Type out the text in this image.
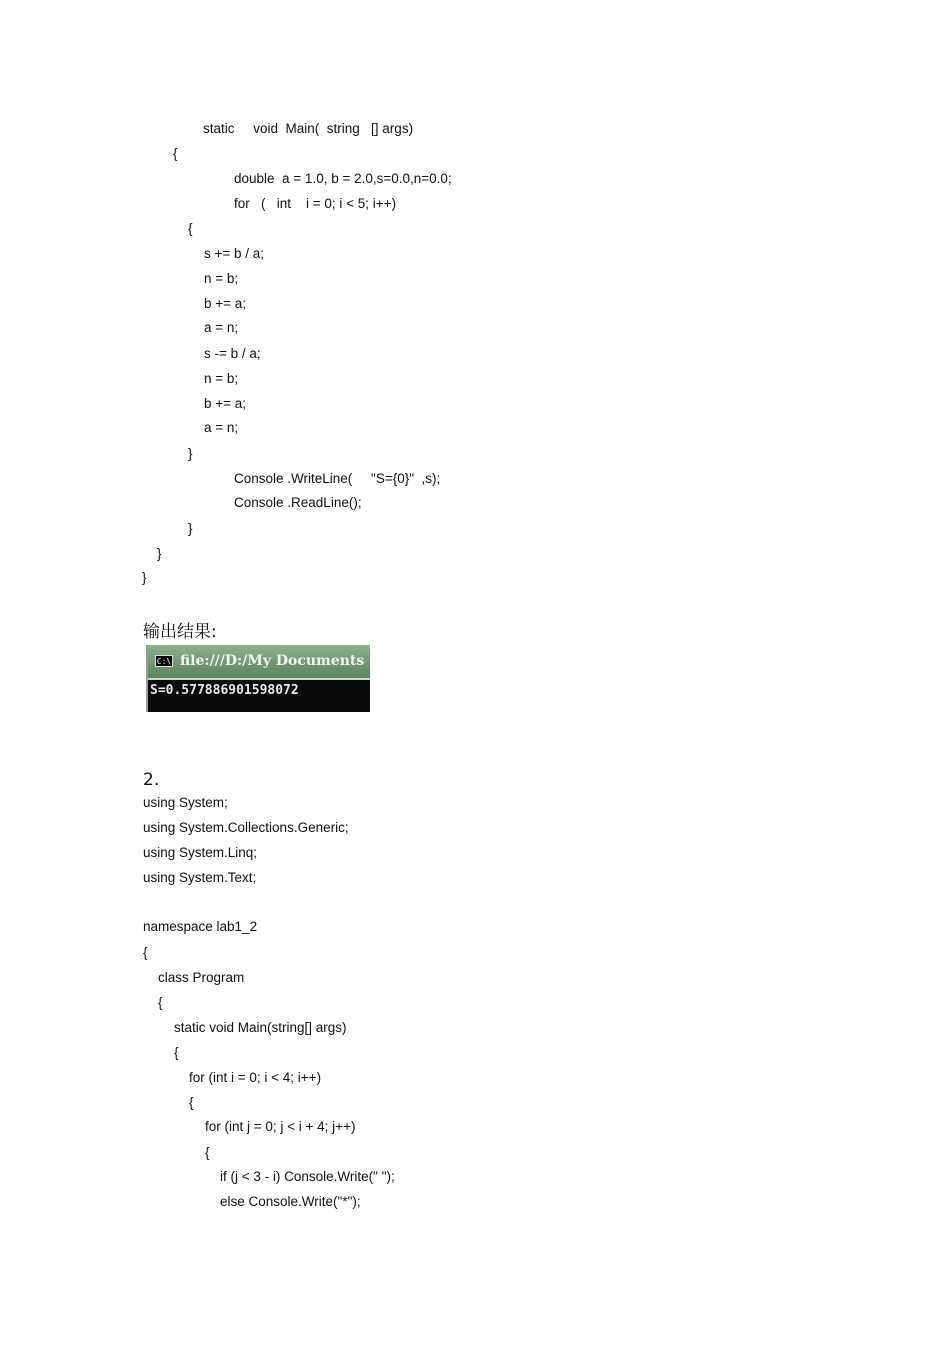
static     void  Main(  string   [] args)
{
double  a = 1.0, b = 2.0,s=0.0,n=0.0;
for   (   int    i = 0; i < 5; i++)
{
s += b / a;
n = b;
b += a;
a = n;
s -= b / a;
n = b;
b += a;
a = n;
}
Console .WriteLine(     "S={0}"  ,s);
Console .ReadLine();
}
}
}
输出结果:
C:\ file:///D:/My Documents
S=0.577886901598072
2.
using System;
using System.Collections.Generic;
using System.Linq;
using System.Text;
namespace lab1_2
{
class Program
{
static void Main(string[] args)
{
for (int i = 0; i < 4; i++)
{
for (int j = 0; j < i + 4; j++)
{
if (j < 3 - i) Console.Write(" ");
else Console.Write("*");
